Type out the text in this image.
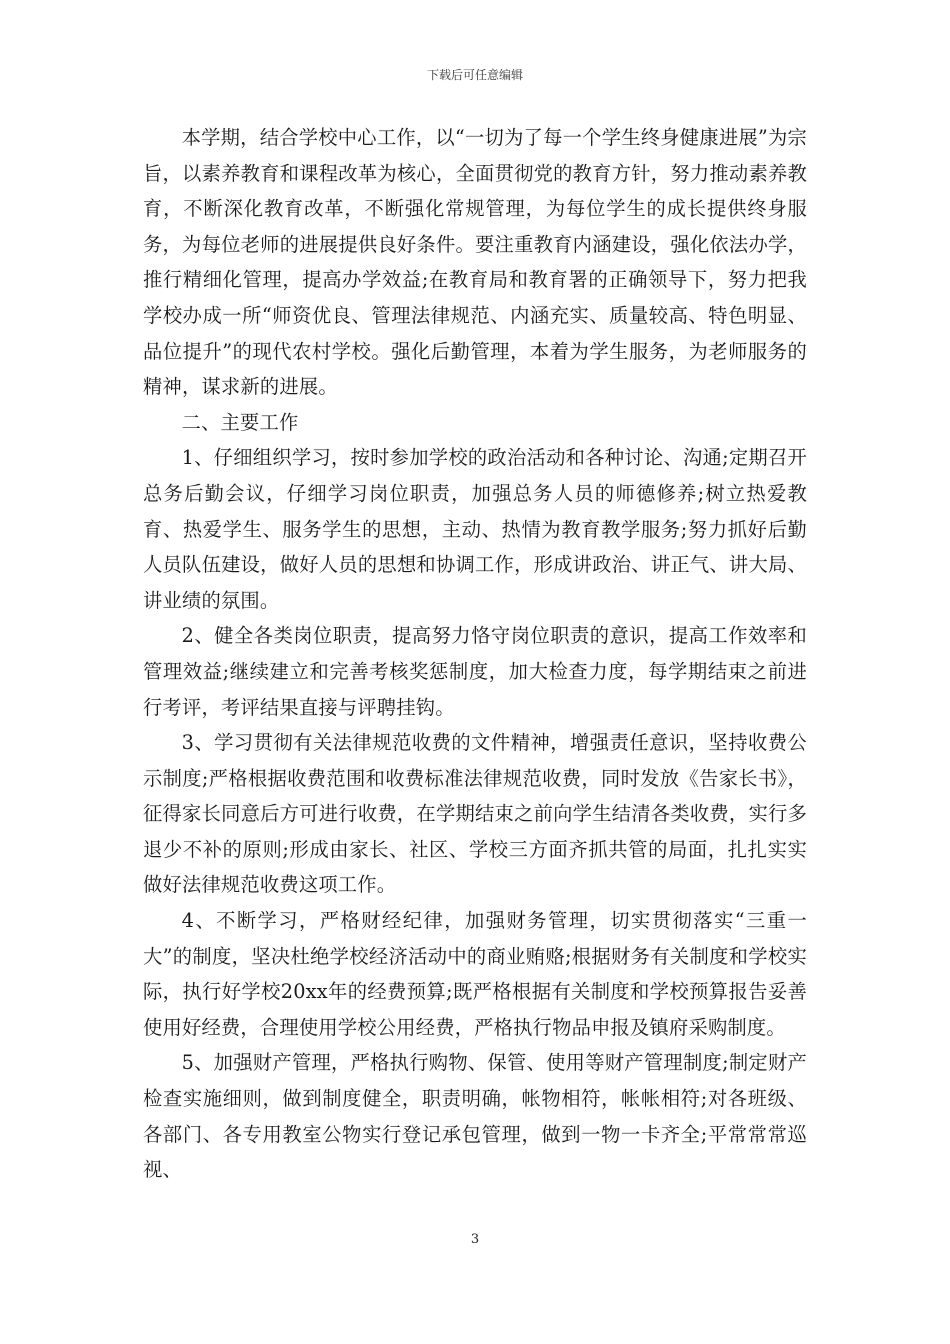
下载后可任意编辑

本学期，结合学校中心工作，以“一切为了每一个学生终身健康进展”为宗旨，以素养教育和课程改革为核心，全面贯彻党的教育方针，努力推动素养教育，不断深化教育改革，不断强化常规管理，为每位学生的成长提供终身服务，为每位老师的进展提供良好条件。要注重教育内涵建设，强化依法办学，推行精细化管理，提高办学效益;在教育局和教育署的正确领导下，努力把我学校办成一所“师资优良、管理法律规范、内涵充实、质量较高、特色明显、品位提升”的现代农村学校。强化后勤管理，本着为学生服务，为老师服务的精神，谋求新的进展。

二、主要工作

1、仔细组织学习，按时参加学校的政治活动和各种讨论、沟通;定期召开总务后勤会议，仔细学习岗位职责，加强总务人员的师德修养;树立热爱教育、热爱学生、服务学生的思想，主动、热情为教育教学服务;努力抓好后勤人员队伍建设，做好人员的思想和协调工作，形成讲政治、讲正气、讲大局、讲业绩的氛围。

2、健全各类岗位职责，提高努力恪守岗位职责的意识，提高工作效率和管理效益;继续建立和完善考核奖惩制度，加大检查力度，每学期结束之前进行考评，考评结果直接与评聘挂钩。

3、学习贯彻有关法律规范收费的文件精神，增强责任意识，坚持收费公示制度;严格根据收费范围和收费标准法律规范收费，同时发放《告家长书》，征得家长同意后方可进行收费，在学期结束之前向学生结清各类收费，实行多退少不补的原则;形成由家长、社区、学校三方面齐抓共管的局面，扎扎实实做好法律规范收费这项工作。

4、不断学习，严格财经纪律，加强财务管理，切实贯彻落实“三重一大”的制度，坚决杜绝学校经济活动中的商业贿赂;根据财务有关制度和学校实际，执行好学校20xx年的经费预算;既严格根据有关制度和学校预算报告妥善使用好经费，合理使用学校公用经费，严格执行物品申报及镇府采购制度。

5、加强财产管理，严格执行购物、保管、使用等财产管理制度;制定财产检查实施细则，做到制度健全，职责明确，帐物相符，帐帐相符;对各班级、各部门、各专用教室公物实行登记承包管理，做到一物一卡齐全;平常常常巡视、

3
